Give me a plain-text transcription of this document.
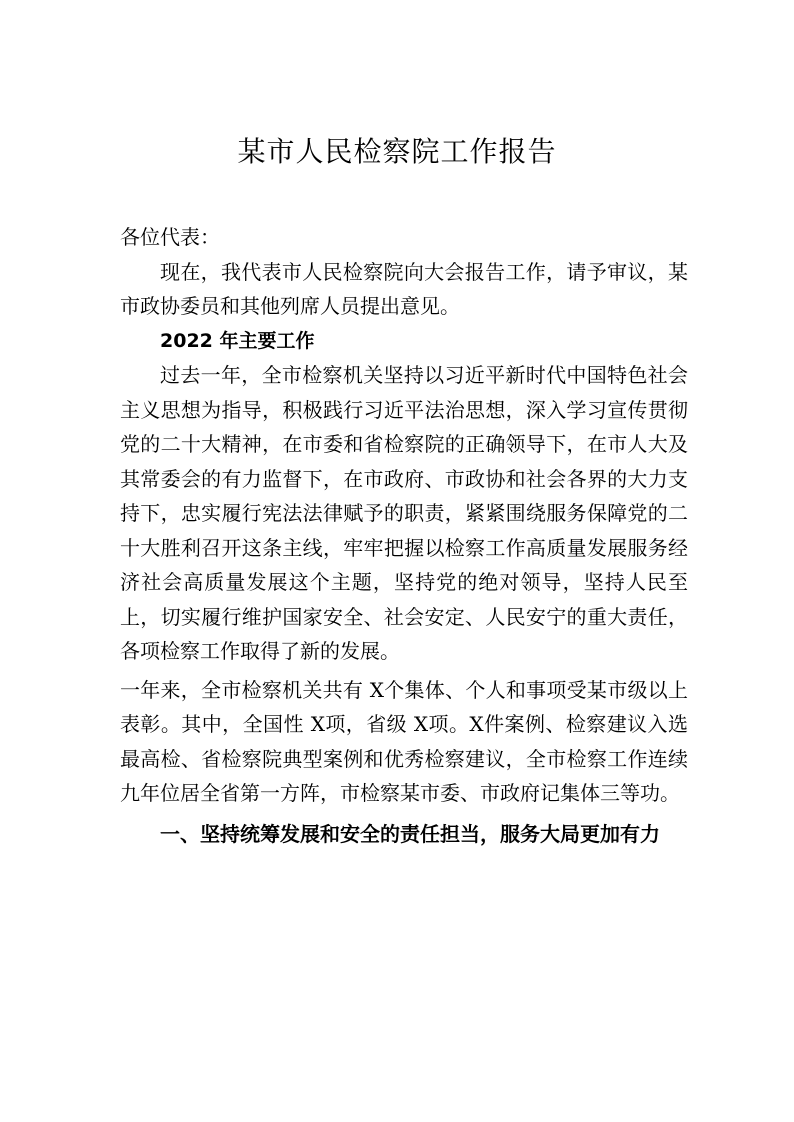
某市人民检察院工作报告

各位代表：

现在，我代表市人民检察院向大会报告工作，请予审议，某市政协委员和其他列席人员提出意见。

2022 年主要工作

过去一年，全市检察机关坚持以习近平新时代中国特色社会主义思想为指导，积极践行习近平法治思想，深入学习宣传贯彻党的二十大精神，在市委和省检察院的正确领导下，在市人大及其常委会的有力监督下，在市政府、市政协和社会各界的大力支持下，忠实履行宪法法律赋予的职责，紧紧围绕服务保障党的二十大胜利召开这条主线，牢牢把握以检察工作高质量发展服务经济社会高质量发展这个主题，坚持党的绝对领导，坚持人民至上，切实履行维护国家安全、社会安定、人民安宁的重大责任，各项检察工作取得了新的发展。

一年来，全市检察机关共有 X个集体、个人和事项受某市级以上表彰。其中，全国性 X项，省级 X项。X件案例、检察建议入选最高检、省检察院典型案例和优秀检察建议，全市检察工作连续九年位居全省第一方阵，市检察某市委、市政府记集体三等功。

一、坚持统筹发展和安全的责任担当，服务大局更加有力
